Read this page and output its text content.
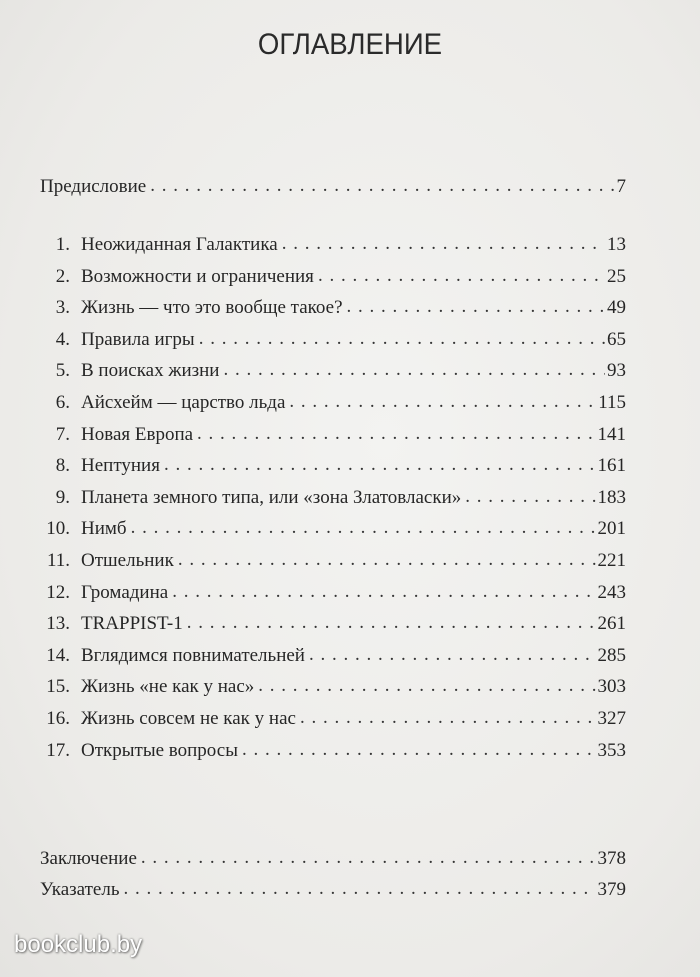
ОГЛАВЛЕНИЕ
Предисловие . . .	7
1. Неожиданная Галактика . . .	13
2. Возможности и ограничения . . .	25
3. Жизнь — что это вообще такое? . . .	49
4. Правила игры . . .	65
5. В поисках жизни . . .	93
6. Айсхейм — царство льда . . .	115
7. Новая Европа . . .	141
8. Нептуния . . .	161
9. Планета земного типа, или «зона Златовласки» . . .	183
10. Нимб . . .	201
11. Отшельник . . .	221
12. Громадина . . .	243
13. TRAPPIST-1 . . .	261
14. Вглядимся повнимательней . . .	285
15. Жизнь «не как у нас» . . .	303
16. Жизнь совсем не как у нас . . .	327
17. Открытые вопросы . . .	353
Заключение . . .	378
Указатель . . .	379
bookclub.by
